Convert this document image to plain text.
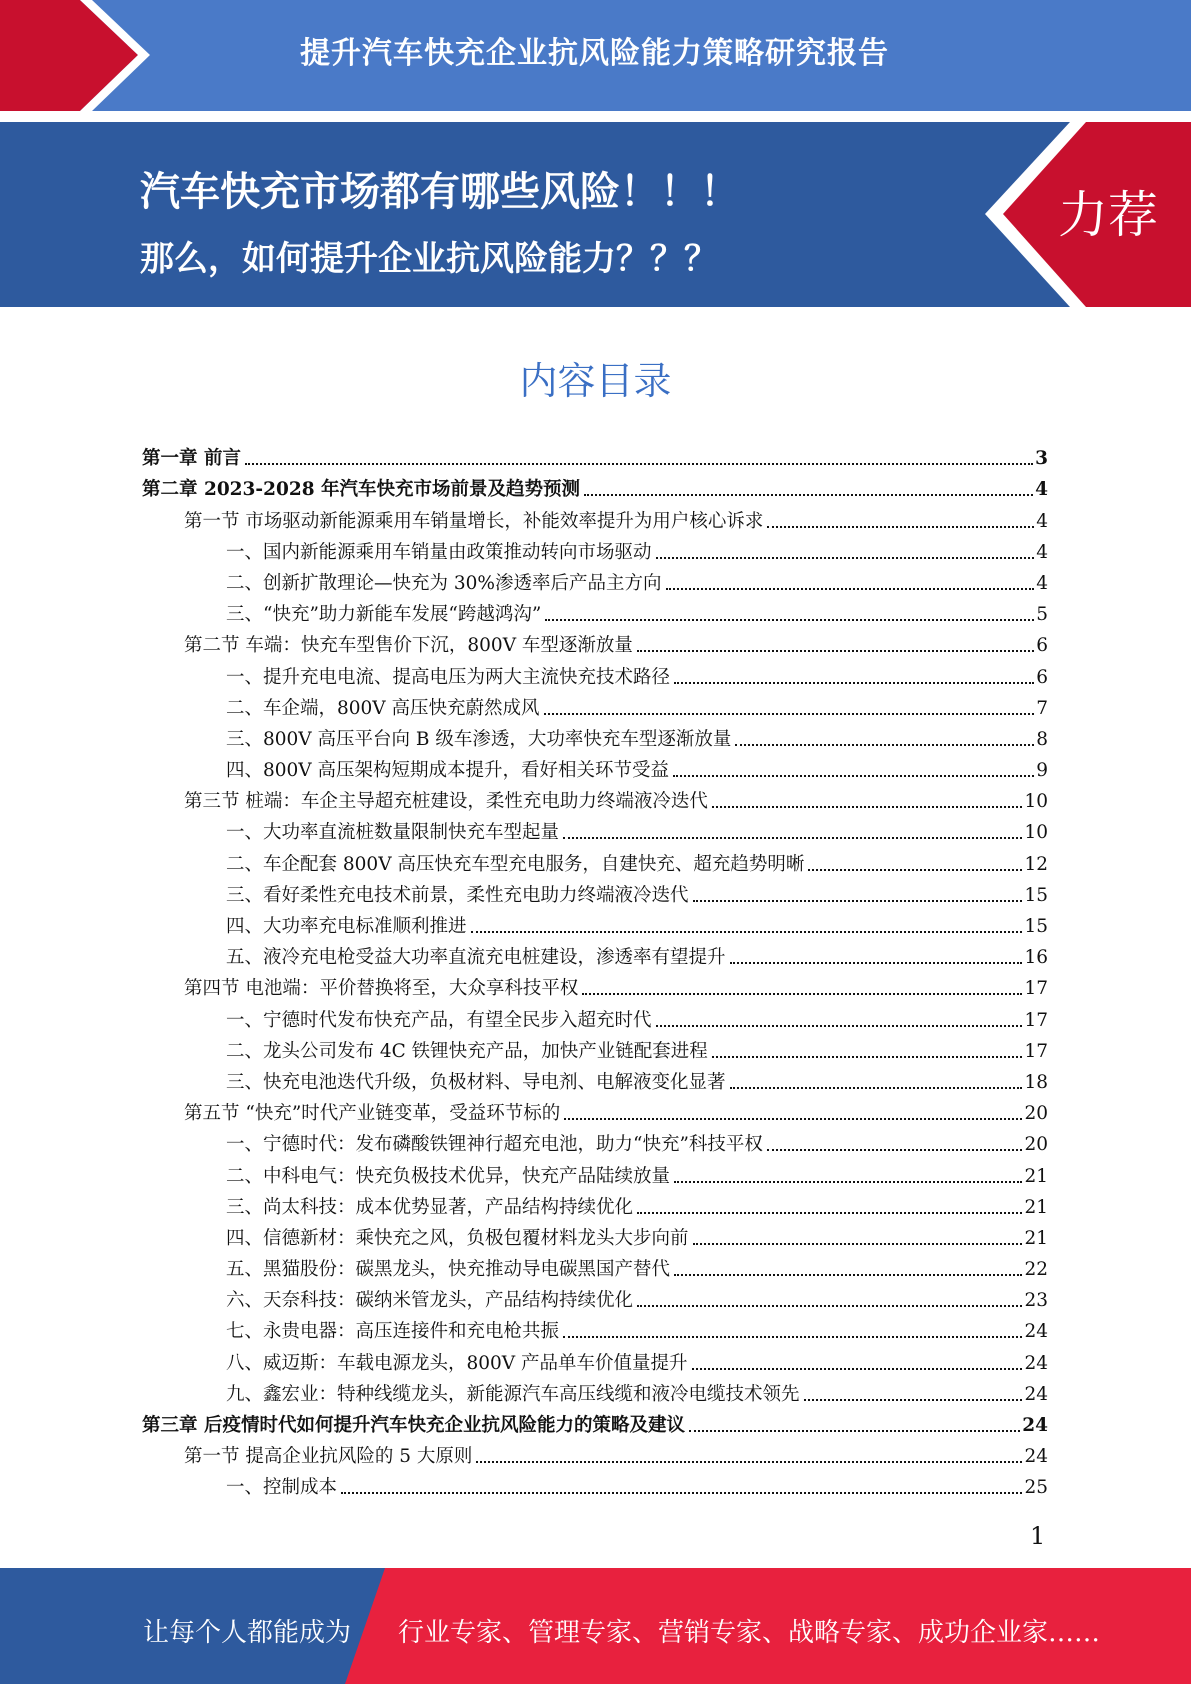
提升汽车快充企业抗风险能力策略研究报告
汽车快充市场都有哪些风险！！！
那么，如何提升企业抗风险能力？？？
力荐
内容目录
第一章 前言	3
第二章 2023-2028 年汽车快充市场前景及趋势预测	4
第一节 市场驱动新能源乘用车销量增长，补能效率提升为用户核心诉求	4
一、国内新能源乘用车销量由政策推动转向市场驱动	4
二、创新扩散理论—快充为 30%渗透率后产品主方向	4
三、“快充”助力新能车发展“跨越鸿沟”	5
第二节 车端：快充车型售价下沉，800V 车型逐渐放量	6
一、提升充电电流、提高电压为两大主流快充技术路径	6
二、车企端，800V 高压快充蔚然成风	7
三、800V 高压平台向 B 级车渗透，大功率快充车型逐渐放量	8
四、800V 高压架构短期成本提升，看好相关环节受益	9
第三节 桩端：车企主导超充桩建设，柔性充电助力终端液冷迭代	10
一、大功率直流桩数量限制快充车型起量	10
二、车企配套 800V 高压快充车型充电服务，自建快充、超充趋势明晰	12
三、看好柔性充电技术前景，柔性充电助力终端液冷迭代	15
四、大功率充电标准顺利推进	15
五、液冷充电枪受益大功率直流充电桩建设，渗透率有望提升	16
第四节 电池端：平价替换将至，大众享科技平权	17
一、宁德时代发布快充产品，有望全民步入超充时代	17
二、龙头公司发布 4C 铁锂快充产品，加快产业链配套进程	17
三、快充电池迭代升级，负极材料、导电剂、电解液变化显著	18
第五节 “快充”时代产业链变革，受益环节标的	20
一、宁德时代：发布磷酸铁锂神行超充电池，助力“快充”科技平权	20
二、中科电气：快充负极技术优异，快充产品陆续放量	21
三、尚太科技：成本优势显著，产品结构持续优化	21
四、信德新材：乘快充之风，负极包覆材料龙头大步向前	21
五、黑猫股份：碳黑龙头，快充推动导电碳黑国产替代	22
六、天奈科技：碳纳米管龙头，产品结构持续优化	23
七、永贵电器：高压连接件和充电枪共振	24
八、威迈斯：车载电源龙头，800V 产品单车价值量提升	24
九、鑫宏业：特种线缆龙头，新能源汽车高压线缆和液冷电缆技术领先	24
第三章 后疫情时代如何提升汽车快充企业抗风险能力的策略及建议	24
第一节 提高企业抗风险的 5 大原则	24
一、控制成本	25
1
让每个人都能成为 行业专家、管理专家、营销专家、战略专家、成功企业家……
